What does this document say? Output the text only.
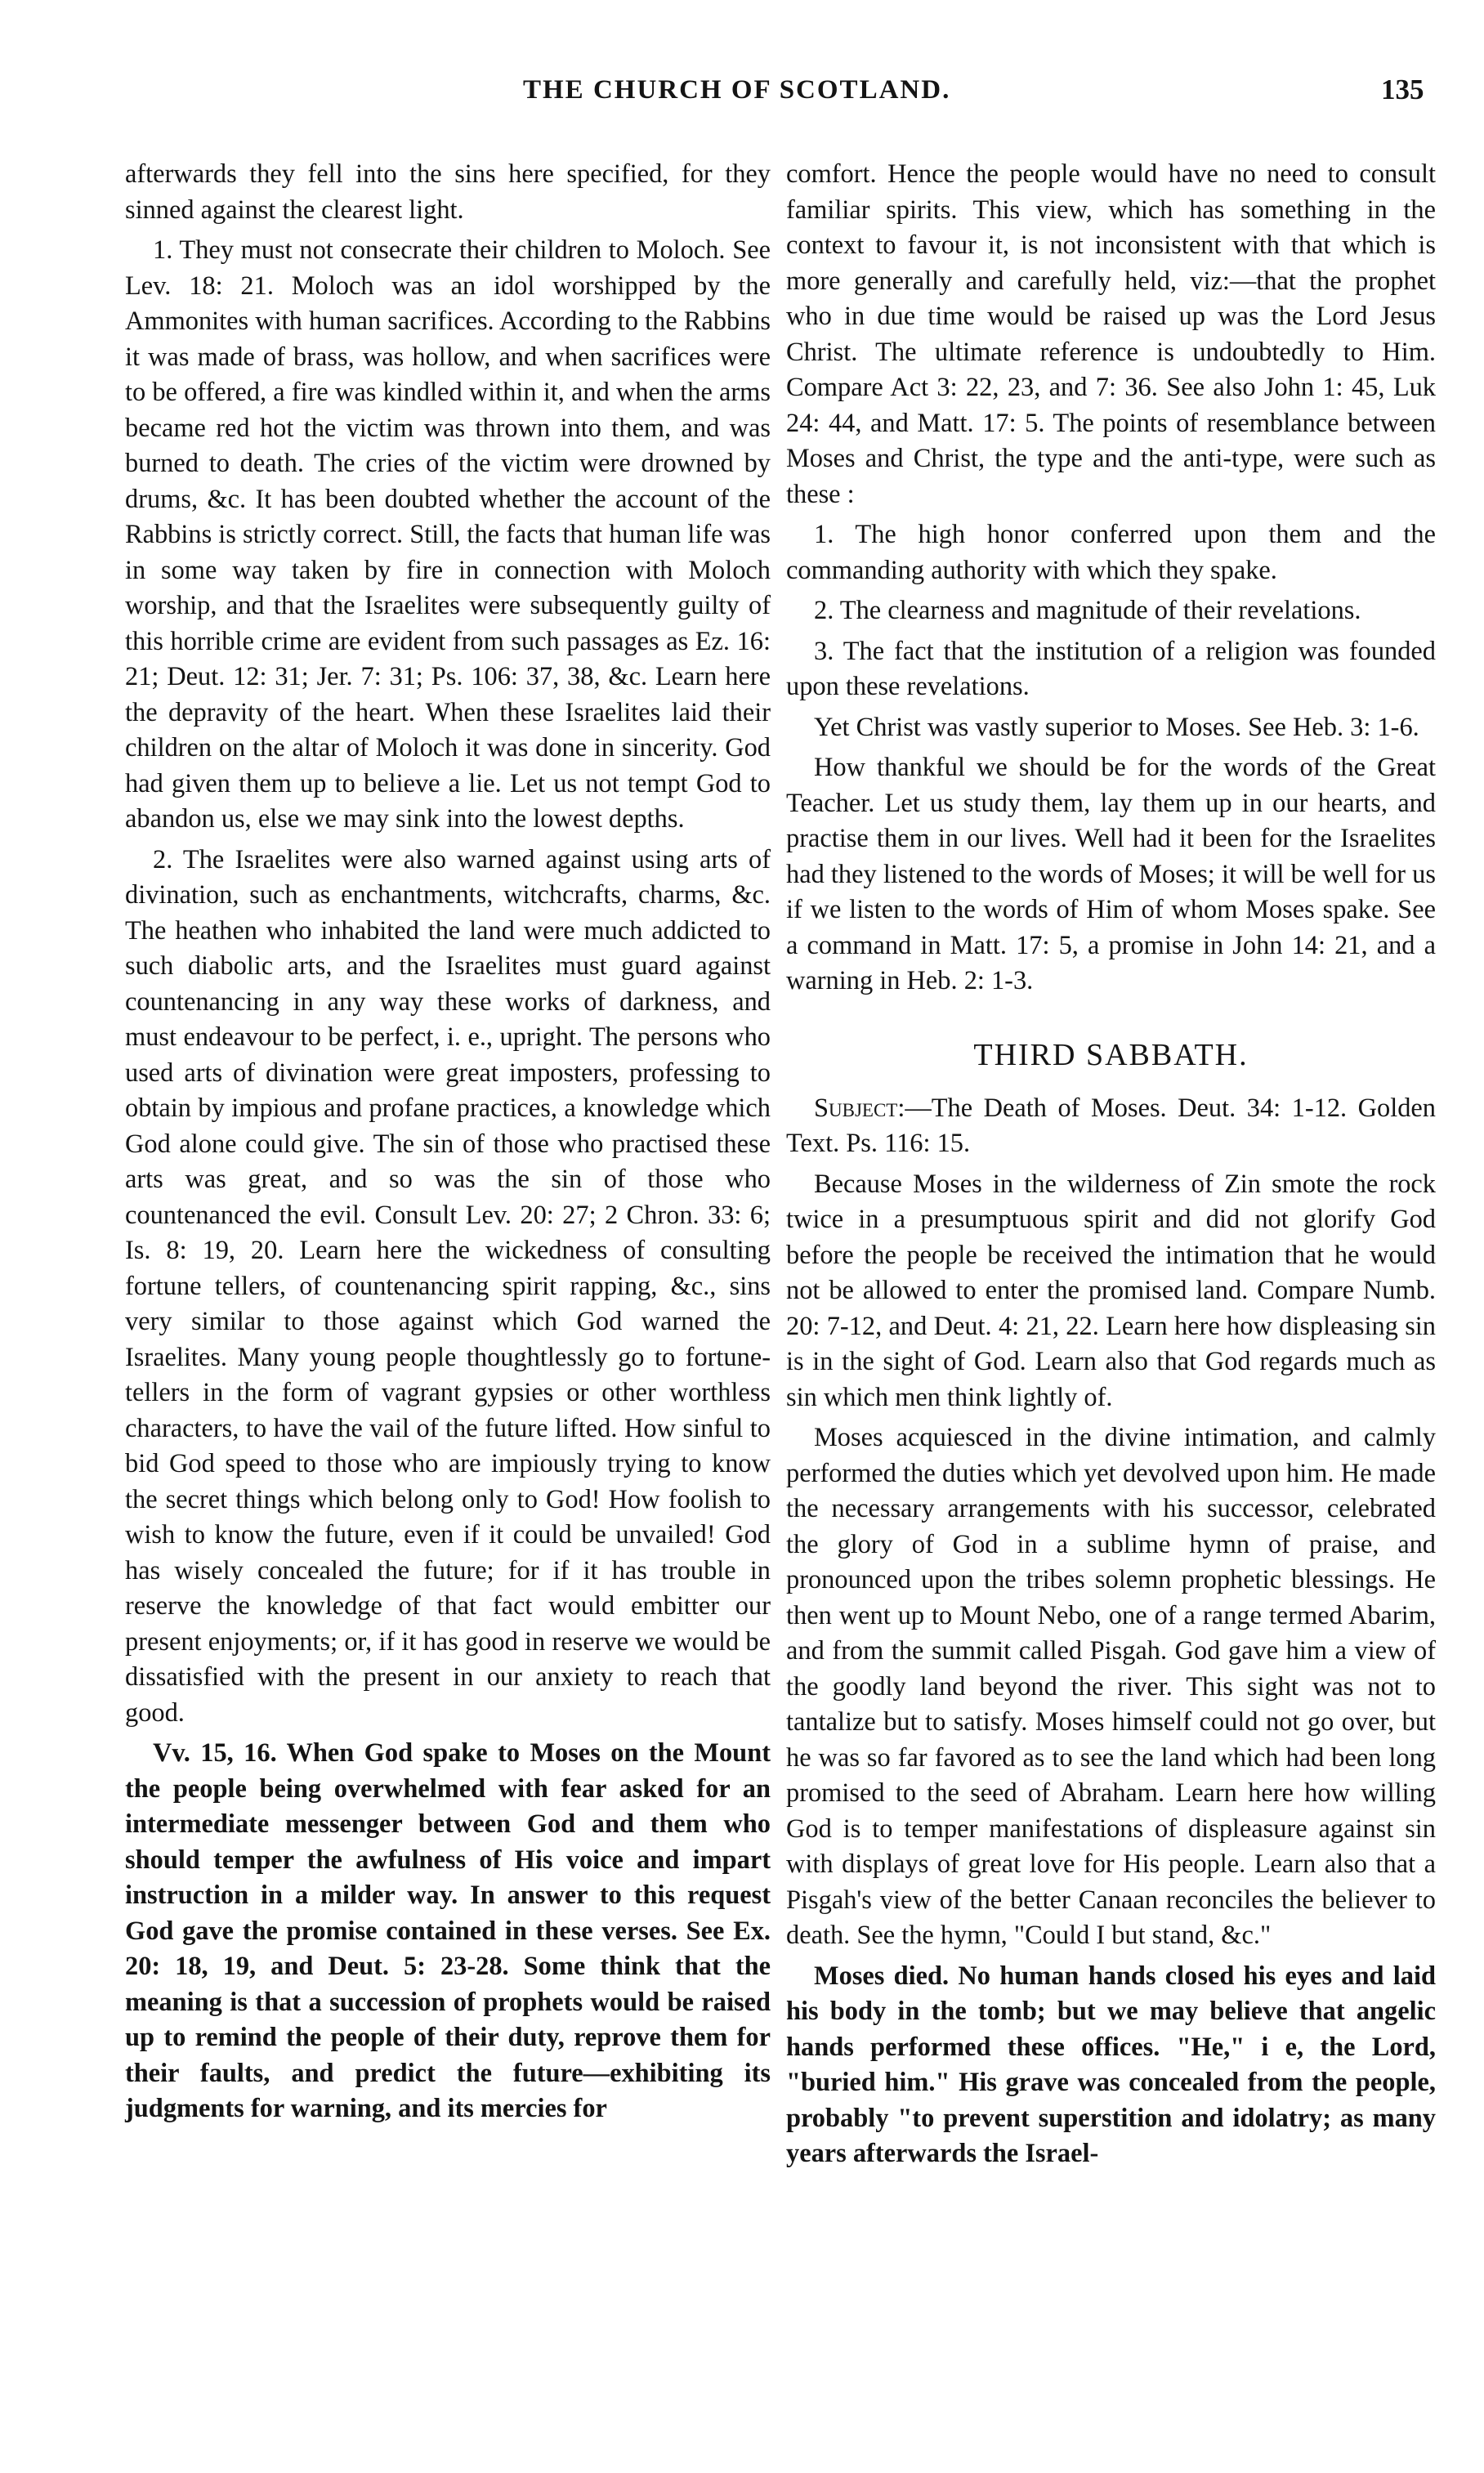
THE CHURCH OF SCOTLAND.	135

afterwards they fell into the sins here specified, for they sinned against the clearest light.

1. They must not consecrate their children to Moloch. See Lev. 18: 21. Moloch was an idol worshipped by the Ammonites with human sacrifices. According to the Rabbins it was made of brass, was hollow, and when sacrifices were to be offered, a fire was kindled within it, and when the arms became red hot the victim was thrown into them, and was burned to death. The cries of the victim were drowned by drums, &c. It has been doubted whether the account of the Rabbins is strictly correct. Still, the facts that human life was in some way taken by fire in connection with Moloch worship, and that the Israelites were subsequently guilty of this horrible crime are evident from such passages as Ez. 16: 21; Deut. 12: 31; Jer. 7: 31; Ps. 106: 37, 38, &c. Learn here the depravity of the heart. When these Israelites laid their children on the altar of Moloch it was done in sincerity. God had given them up to believe a lie. Let us not tempt God to abandon us, else we may sink into the lowest depths.

2. The Israelites were also warned against using arts of divination, such as enchantments, witchcrafts, charms, &c. The heathen who inhabited the land were much addicted to such diabolic arts, and the Israelites must guard against countenancing in any way these works of darkness, and must endeavour to be perfect, i. e., upright. The persons who used arts of divination were great imposters, professing to obtain by impious and profane practices, a knowledge which God alone could give. The sin of those who practised these arts was great, and so was the sin of those who countenanced the evil. Consult Lev. 20: 27; 2 Chron. 33: 6; Is. 8: 19, 20. Learn here the wickedness of consulting fortune tellers, of countenancing spirit rapping, &c., sins very similar to those against which God warned the Israelites. Many young people thoughtlessly go to fortune-tellers in the form of vagrant gypsies or other worthless characters, to have the vail of the future lifted. How sinful to bid God speed to those who are impiously trying to know the secret things which belong only to God! How foolish to wish to know the future, even if it could be unvailed! God has wisely concealed the future; for if it has trouble in reserve the knowledge of that fact would embitter our present enjoyments; or, if it has good in reserve we would be dissatisfied with the present in our anxiety to reach that good.

Vv. 15, 16. When God spake to Moses on the Mount the people being overwhelmed with fear asked for an intermediate messenger between God and them who should temper the awfulness of His voice and impart instruction in a milder way. In answer to this request God gave the promise contained in these verses. See Ex. 20: 18, 19, and Deut. 5: 23-28. Some think that the meaning is that a succession of prophets would be raised up to remind the people of their duty, reprove them for their faults, and predict the future—exhibiting its judgments for warning, and its mercies for

comfort. Hence the people would have no need to consult familiar spirits. This view, which has something in the context to favour it, is not inconsistent with that which is more generally and carefully held, viz:—that the prophet who in due time would be raised up was the Lord Jesus Christ. The ultimate reference is undoubtedly to Him. Compare Act 3: 22, 23, and 7: 36. See also John 1: 45, Luk 24: 44, and Matt. 17: 5. The points of resemblance between Moses and Christ, the type and the anti-type, were such as these :

1. The high honor conferred upon them and the commanding authority with which they spake.

2. The clearness and magnitude of their revelations.

3. The fact that the institution of a religion was founded upon these revelations.

Yet Christ was vastly superior to Moses. See Heb. 3: 1-6.

How thankful we should be for the words of the Great Teacher. Let us study them, lay them up in our hearts, and practise them in our lives. Well had it been for the Israelites had they listened to the words of Moses; it will be well for us if we listen to the words of Him of whom Moses spake. See a command in Matt. 17: 5, a promise in John 14: 21, and a warning in Heb. 2: 1-3.

THIRD SABBATH.

Subject:—The Death of Moses. Deut. 34: 1-12. Golden Text. Ps. 116: 15.

Because Moses in the wilderness of Zin smote the rock twice in a presumptuous spirit and did not glorify God before the people be received the intimation that he would not be allowed to enter the promised land. Compare Numb. 20: 7-12, and Deut. 4: 21, 22. Learn here how displeasing sin is in the sight of God. Learn also that God regards much as sin which men think lightly of.

Moses acquiesced in the divine intimation, and calmly performed the duties which yet devolved upon him. He made the necessary arrangements with his successor, celebrated the glory of God in a sublime hymn of praise, and pronounced upon the tribes solemn prophetic blessings. He then went up to Mount Nebo, one of a range termed Abarim, and from the summit called Pisgah. God gave him a view of the goodly land beyond the river. This sight was not to tantalize but to satisfy. Moses himself could not go over, but he was so far favored as to see the land which had been long promised to the seed of Abraham. Learn here how willing God is to temper manifestations of displeasure against sin with displays of great love for His people. Learn also that a Pisgah's view of the better Canaan reconciles the believer to death. See the hymn, "Could I but stand, &c."

Moses died. No human hands closed his eyes and laid his body in the tomb; but we may believe that angelic hands performed these offices. "He," i e, the Lord, "buried him." His grave was concealed from the people, probably "to prevent superstition and idolatry; as many years afterwards the Israel-
